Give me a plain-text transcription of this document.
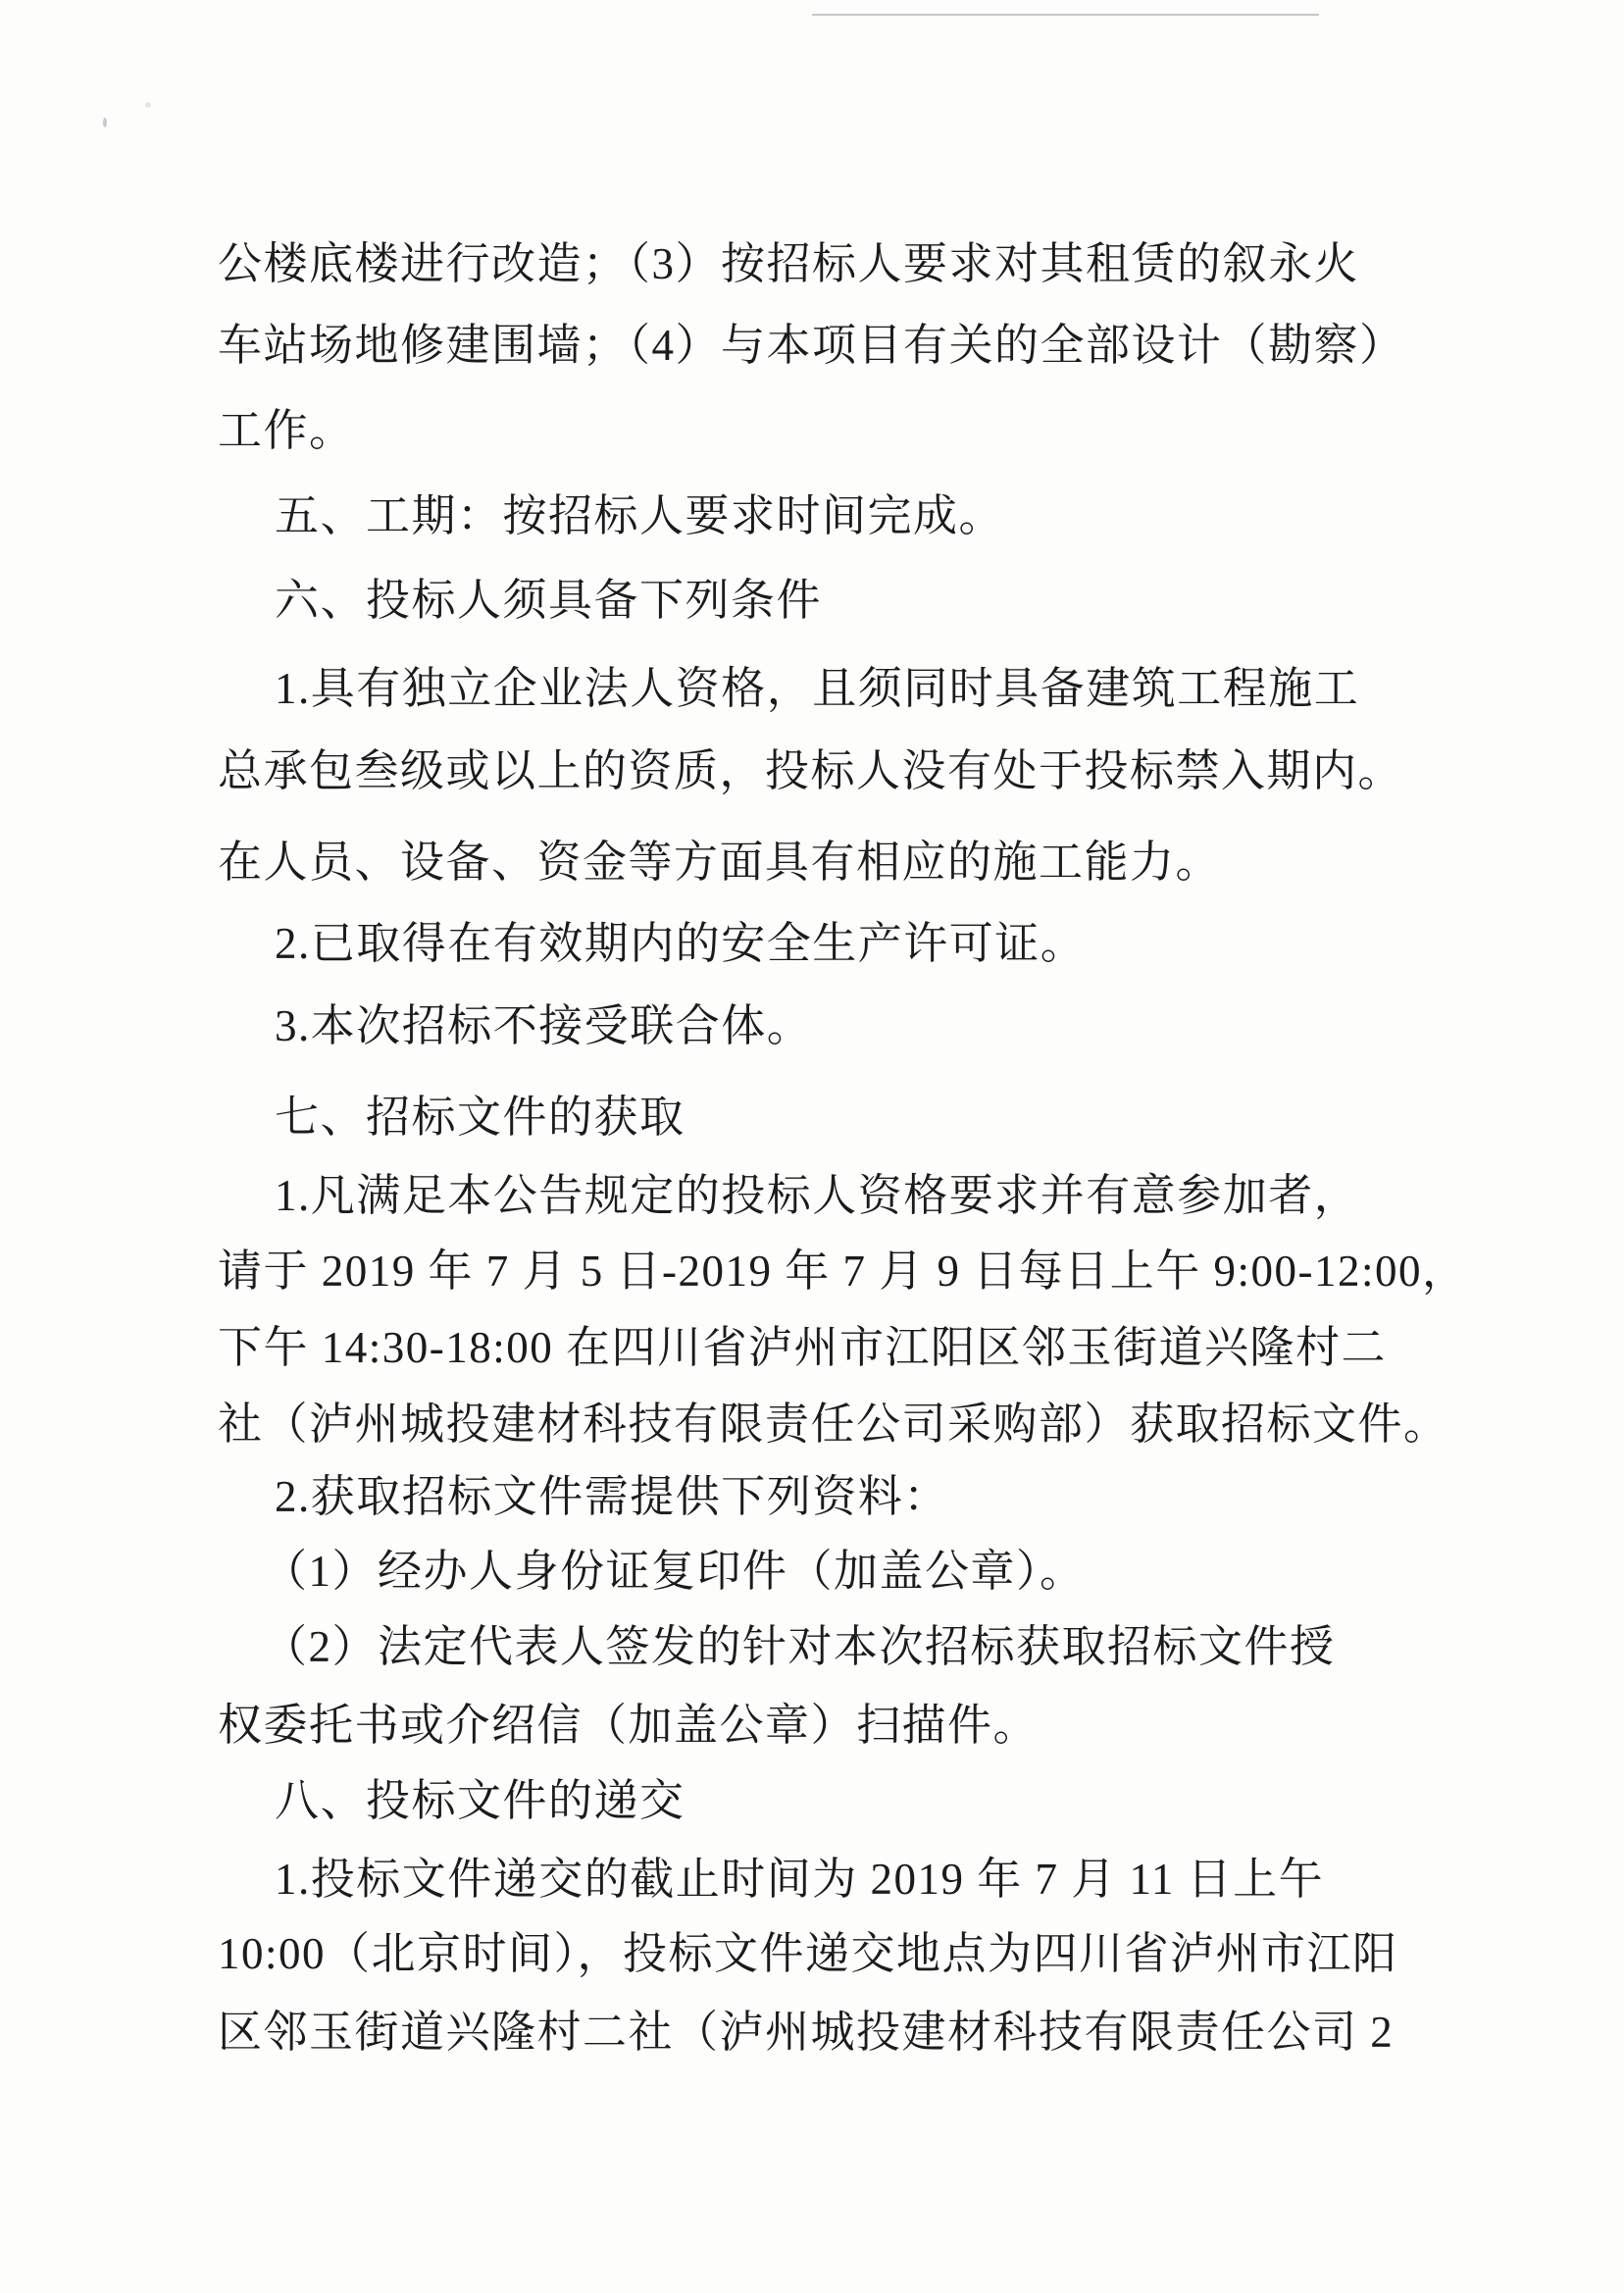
公楼底楼进行改造；（3）按招标人要求对其租赁的叙永火
车站场地修建围墙；（4）与本项目有关的全部设计（勘察）
工作。
五、工期：按招标人要求时间完成。
六、投标人须具备下列条件
1.具有独立企业法人资格，且须同时具备建筑工程施工
总承包叁级或以上的资质，投标人没有处于投标禁入期内。
在人员、设备、资金等方面具有相应的施工能力。
2.已取得在有效期内的安全生产许可证。
3.本次招标不接受联合体。
七、招标文件的获取
1.凡满足本公告规定的投标人资格要求并有意参加者，
请于 2019 年 7 月 5 日-2019 年 7 月 9 日每日上午 9:00-12:00，
下午 14:30-18:00 在四川省泸州市江阳区邻玉街道兴隆村二
社（泸州城投建材科技有限责任公司采购部）获取招标文件。
2.获取招标文件需提供下列资料：
（1）经办人身份证复印件（加盖公章）。
（2）法定代表人签发的针对本次招标获取招标文件授
权委托书或介绍信（加盖公章）扫描件。
八、投标文件的递交
1.投标文件递交的截止时间为 2019 年 7 月 11 日上午
10:00（北京时间），投标文件递交地点为四川省泸州市江阳
区邻玉街道兴隆村二社（泸州城投建材科技有限责任公司 2
